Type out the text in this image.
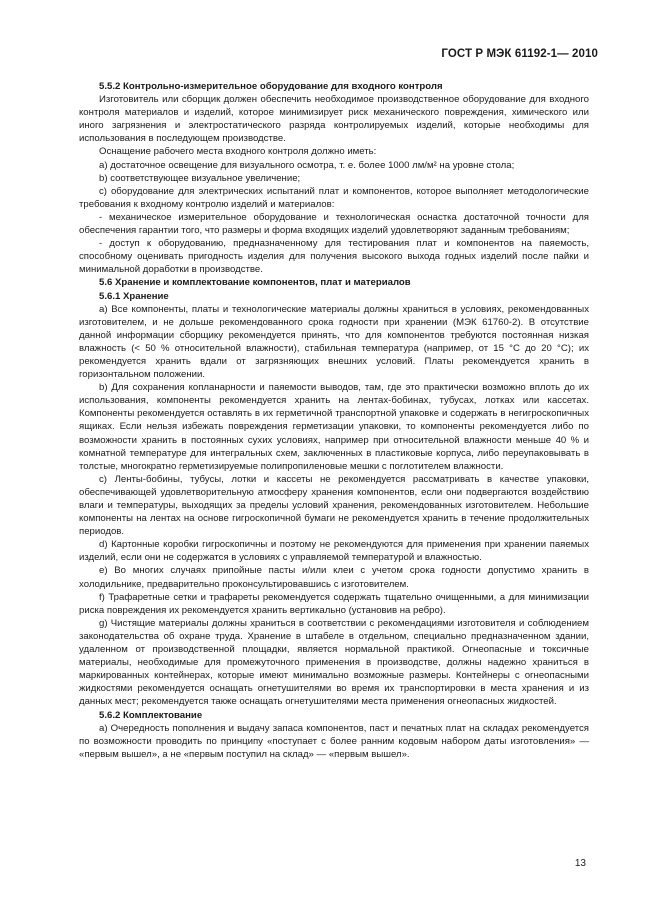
ГОСТ Р МЭК 61192-1— 2010

5.5.2 Контрольно-измерительное оборудование для входного контроля

Изготовитель или сборщик должен обеспечить необходимое производственное оборудование для входного контроля материалов и изделий, которое минимизирует риск механического повреждения, химического или иного загрязнения и электростатического разряда контролируемых изделий, которые необходимы для использования в последующем производстве.

Оснащение рабочего места входного контроля должно иметь:

а) достаточное освещение для визуального осмотра, т. е. более 1000 лм/м² на уровне стола;

b) соответствующее визуальное увеличение;

с) оборудование для электрических испытаний плат и компонентов, которое выполняет методологические требования к входному контролю изделий и материалов:

- механическое измерительное оборудование и технологическая оснастка достаточной точности для обеспечения гарантии того, что размеры и форма входящих изделий удовлетворяют заданным требованиям;

- доступ к оборудованию, предназначенному для тестирования плат и компонентов на паяемость, способному оценивать пригодность изделия для получения высокого выхода годных изделий после пайки и минимальной доработки в производстве.

5.6 Хранение и комплектование компонентов, плат и материалов

5.6.1 Хранение

а) Все компоненты, платы и технологические материалы должны храниться в условиях, рекомендованных изготовителем, и не дольше рекомендованного срока годности при хранении (МЭК 61760-2). В отсутствие данной информации сборщику рекомендуется принять, что для компонентов требуются постоянная низкая влажность (< 50 % относительной влажности), стабильная температура (например, от 15 °С до 20 °С); их рекомендуется хранить вдали от загрязняющих внешних условий. Платы рекомендуется хранить в горизонтальном положении.

b) Для сохранения копланарности и паяемости выводов, там, где это практически возможно вплоть до их использования, компоненты рекомендуется хранить на лентах-бобинах, тубусах, лотках или кассетах. Компоненты рекомендуется оставлять в их герметичной транспортной упаковке и содержать в негигроскопичных ящиках. Если нельзя избежать повреждения герметизации упаковки, то компоненты рекомендуется либо по возможности хранить в постоянных сухих условиях, например при относительной влажности меньше 40 % и комнатной температуре для интегральных схем, заключенных в пластиковые корпуса, либо переупаковывать в толстые, многократно герметизируемые полипропиленовые мешки с поглотителем влажности.

с) Ленты-бобины, тубусы, лотки и кассеты не рекомендуется рассматривать в качестве упаковки, обеспечивающей удовлетворительную атмосферу хранения компонентов, если они подвергаются воздействию влаги и температуры, выходящих за пределы условий хранения, рекомендованных изготовителем. Небольшие компоненты на лентах на основе гигроскопичной бумаги не рекомендуется хранить в течение продолжительных периодов.

d) Картонные коробки гигроскопичны и поэтому не рекомендуются для применения при хранении паяемых изделий, если они не содержатся в условиях с управляемой температурой и влажностью.

е) Во многих случаях припойные пасты и/или клеи с учетом срока годности допустимо хранить в холодильнике, предварительно проконсультировавшись с изготовителем.

f) Трафаретные сетки и трафареты рекомендуется содержать тщательно очищенными, а для минимизации риска повреждения их рекомендуется хранить вертикально (установив на ребро).

g) Чистящие материалы должны храниться в соответствии с рекомендациями изготовителя и соблюдением законодательства об охране труда. Хранение в штабеле в отдельном, специально предназначенном здании, удаленном от производственной площадки, является нормальной практикой. Огнеопасные и токсичные материалы, необходимые для промежуточного применения в производстве, должны надежно храниться в маркированных контейнерах, которые имеют минимально возможные размеры. Контейнеры с огнеопасными жидкостями рекомендуется оснащать огнетушителями во время их транспортировки в места хранения и из данных мест; рекомендуется также оснащать огнетушителями места применения огнеопасных жидкостей.

5.6.2 Комплектование

а) Очередность пополнения и выдачу запаса компонентов, паст и печатных плат на складах рекомендуется по возможности проводить по принципу «поступает с более ранним кодовым набором даты изготовления» — «первым вышел», а не «первым поступил на склад» — «первым вышел».

13
